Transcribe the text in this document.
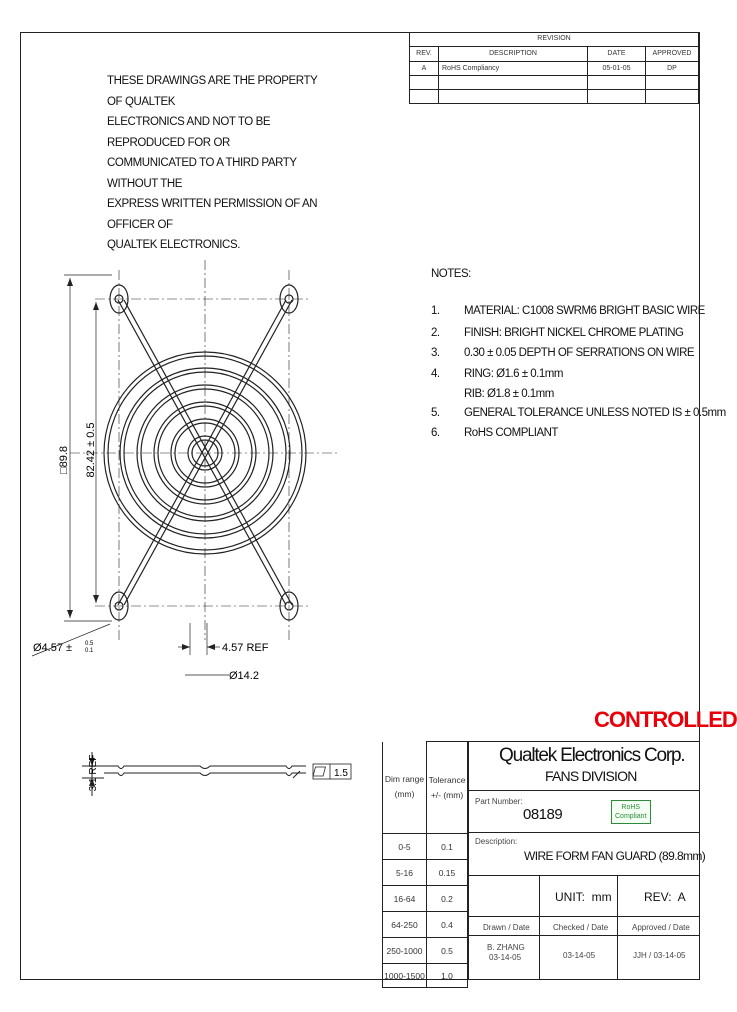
REVISION			
REV.	DESCRIPTION	DATE	APPROVED
A	RoHS Compliancy	05-01-05	DP

THESE DRAWINGS ARE THE PROPERTY OF QUALTEK
ELECTRONICS AND NOT TO BE REPRODUCED FOR OR
COMMUNICATED TO A THIRD PARTY WITHOUT THE
EXPRESS WRITTEN PERMISSION OF AN OFFICER OF
QUALTEK ELECTRONICS.
NOTES:
1. MATERIAL: C1008 SWRM6 BRIGHT BASIC WIRE
2. FINISH: BRIGHT NICKEL CHROME PLATING
3. 0.30 ± 0.05 DEPTH OF SERRATIONS ON WIRE
4. RING: Ø1.6 ± 0.1mm
RIB: Ø1.8 ± 0.1mm
5. GENERAL TOLERANCE UNLESS NOTED IS ± 0.5mm
6. RoHS COMPLIANT
□89.8 82.42 ± 0.5
Ø4.57 ± 0.5
0.1	4.57 REF
Ø14.2
3.1 REF	1.5
CONTROLLED
Dim range (mm)	Tolerance +/- (mm)
0-5	0.1
5-16	0.15
16-64	0.2
64-250	0.4
250-1000	0.5
1000-1500	1.0
Qualtek Electronics Corp.
FANS DIVISION
Part Number:
08189	RoHS
Compliant
Description:
WIRE FORM FAN GUARD (89.8mm)
UNIT:  mm	REV:  A
Drawn / Date	Checked / Date	Approved / Date
B. ZHANG
03-14-05	03-14-05	JJH / 03-14-05
